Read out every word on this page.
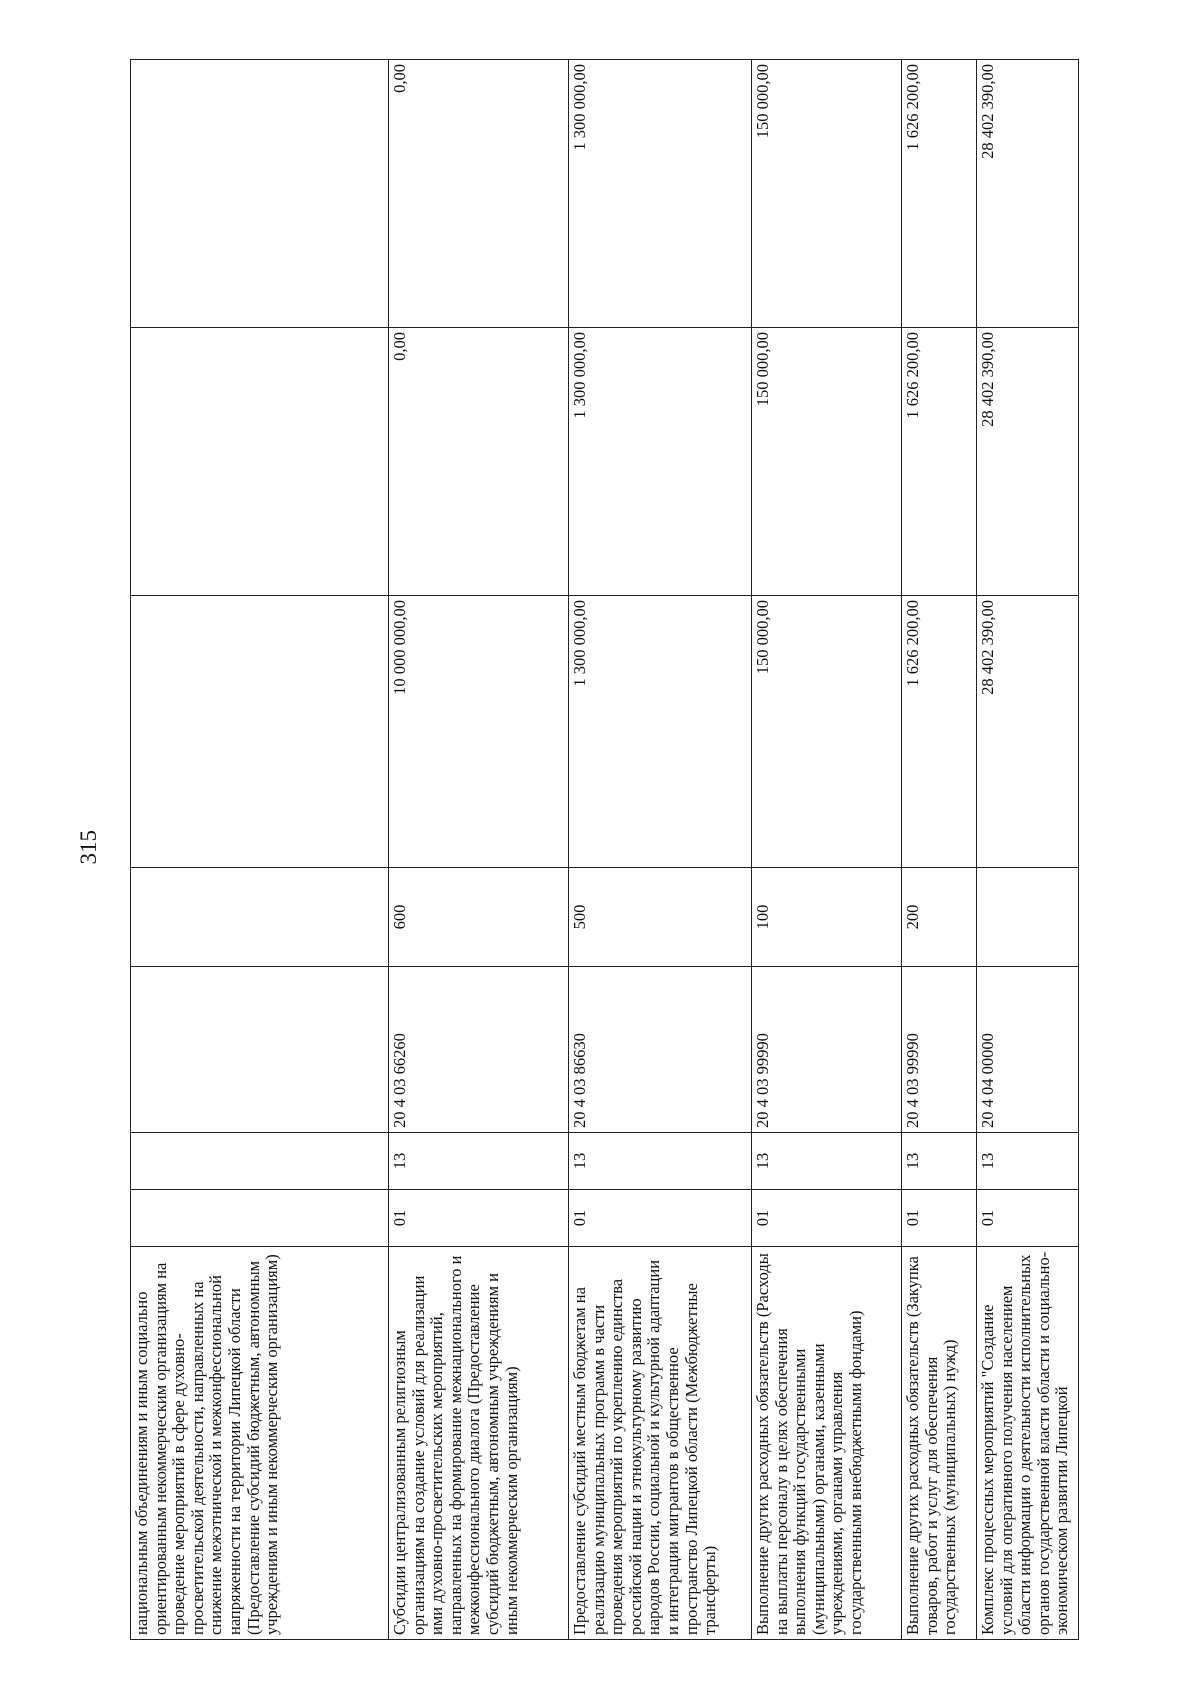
315
национальным объединениям и иным социально ориентированным некоммерческим организациям на проведение мероприятий в сфере духовно-просветительской деятельности, направленных на снижение межэтнической и межконфессиональной напряженности на территории Липецкой области (Предоставление субсидий бюджетным, автономным учреждениям и иным некоммерческим организациям)							
Субсидии централизованным религиозным организациям на создание условий для реализации ими духовно-просветительских мероприятий, направленных на формирование межнационального и межконфессионального диалога (Предоставление субсидий бюджетным, автономным учреждениям и иным некоммерческим организациям)	01	13	20 4 03 66260	600	10 000 000,00	0,00	0,00
Предоставление субсидий местным бюджетам на реализацию муниципальных программ в части проведения мероприятий по укреплению единства российской нации и этнокультурному развитию народов России, социальной и культурной адаптации и интеграции мигрантов в общественное пространство Липецкой области (Межбюджетные трансферты)	01	13	20 4 03 86630	500	1 300 000,00	1 300 000,00	1 300 000,00
Выполнение других расходных обязательств (Расходы на выплаты персоналу в целях обеспечения выполнения функций государственными (муниципальными) органами, казенными учреждениями, органами управления государственными внебюджетными фондами)	01	13	20 4 03 99990	100	150 000,00	150 000,00	150 000,00
Выполнение других расходных обязательств (Закупка товаров, работ и услуг для обеспечения государственных (муниципальных) нужд)	01	13	20 4 03 99990	200	1 626 200,00	1 626 200,00	1 626 200,00
Комплекс процессных мероприятий "Создание условий для оперативного получения населением области информации о деятельности исполнительных органов государственной власти области и социально-экономическом развитии Липецкой	01	13	20 4 04 00000		28 402 390,00	28 402 390,00	28 402 390,00
